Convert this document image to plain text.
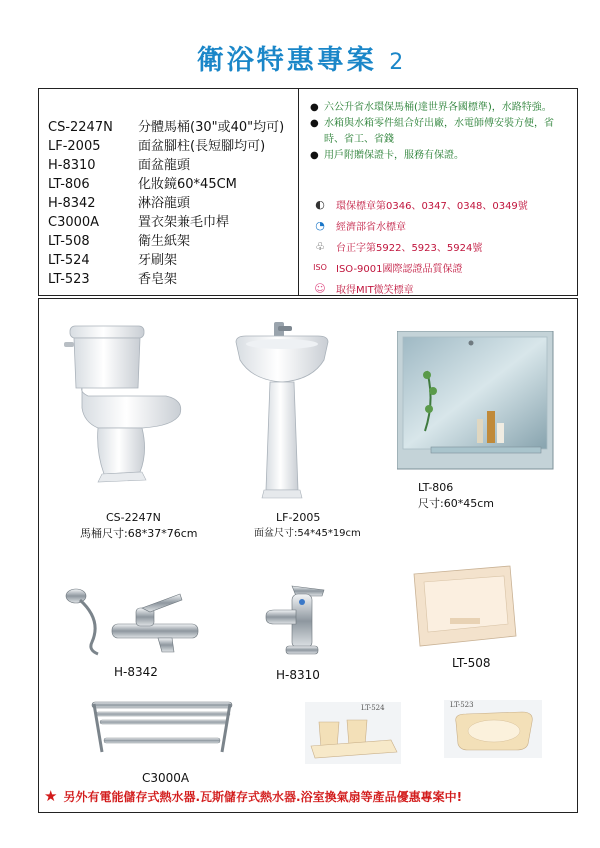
衛浴特惠專案 2
CS-2247N	分體馬桶(30"或40"均可)
LF-2005	面盆腳柱(長短腳均可)
H-8310	面盆龍頭
LT-806	化妝鏡60*45CM
H-8342	淋浴龍頭
C3000A	置衣架兼毛巾桿
LT-508	衛生紙架
LT-524	牙刷架
LT-523	香皂架
● 六公升省水環保馬桶(達世界各國標準)，水路特強。
● 水箱與水箱零件組合好出廠，水電師傅安裝方便，省時、省工、省錢
● 用戶附贈保證卡，服務有保證。
◐	環保標章第0346、0347、0348、0349號
◔	經濟部省水標章
♧	台正字第5922、5923、5924號
ISO ISO-9001國際認證品質保證
☺	取得MIT微笑標章
CS-2247N
馬桶尺寸:68*37*76cm
LF-2005
面盆尺寸:54*45*19cm
LT-806
尺寸:60*45cm
H-8342	H-8310
LT-508
C3000A
LT-524	LT-523
★ 另外有電能儲存式熱水器.瓦斯儲存式熱水器.浴室換氣扇等產品優惠專案中!
